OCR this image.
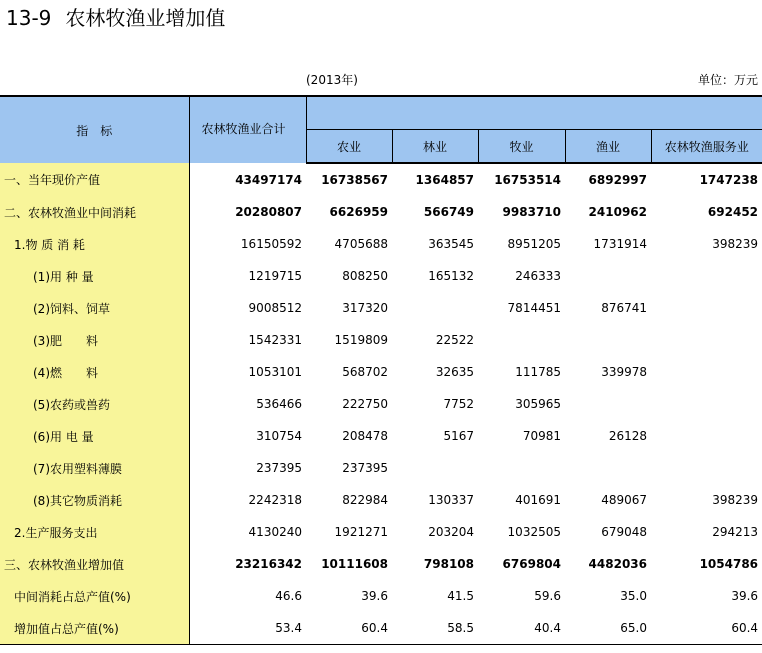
13-9 农林牧渔业增加值
(2013年)	单位：万元
指　标	农林牧渔业合计					
		农业	林业	牧业	渔业	农林牧渔服务业
一、当年现价产值	43497174	16738567	1364857	16753514	6892997	1747238
二、农林牧渔业中间消耗	20280807	6626959	566749	9983710	2410962	692452
1.物 质 消 耗	16150592	4705688	363545	8951205	1731914	398239
(1)用 种 量	1219715	808250	165132	246333		
(2)饲料、饲草	9008512	317320		7814451	876741	
(3)肥　　料	1542331	1519809	22522			
(4)燃　　料	1053101	568702	32635	111785	339978	
(5)农药或兽药	536466	222750	7752	305965		
(6)用 电 量	310754	208478	5167	70981	26128	
(7)农用塑料薄膜	237395	237395				
(8)其它物质消耗	2242318	822984	130337	401691	489067	398239
2.生产服务支出	4130240	1921271	203204	1032505	679048	294213
三、农林牧渔业增加值	23216342	10111608	798108	6769804	4482036	1054786
中间消耗占总产值(%)	46.6	39.6	41.5	59.6	35.0	39.6
增加值占总产值(%)	53.4	60.4	58.5	40.4	65.0	60.4
